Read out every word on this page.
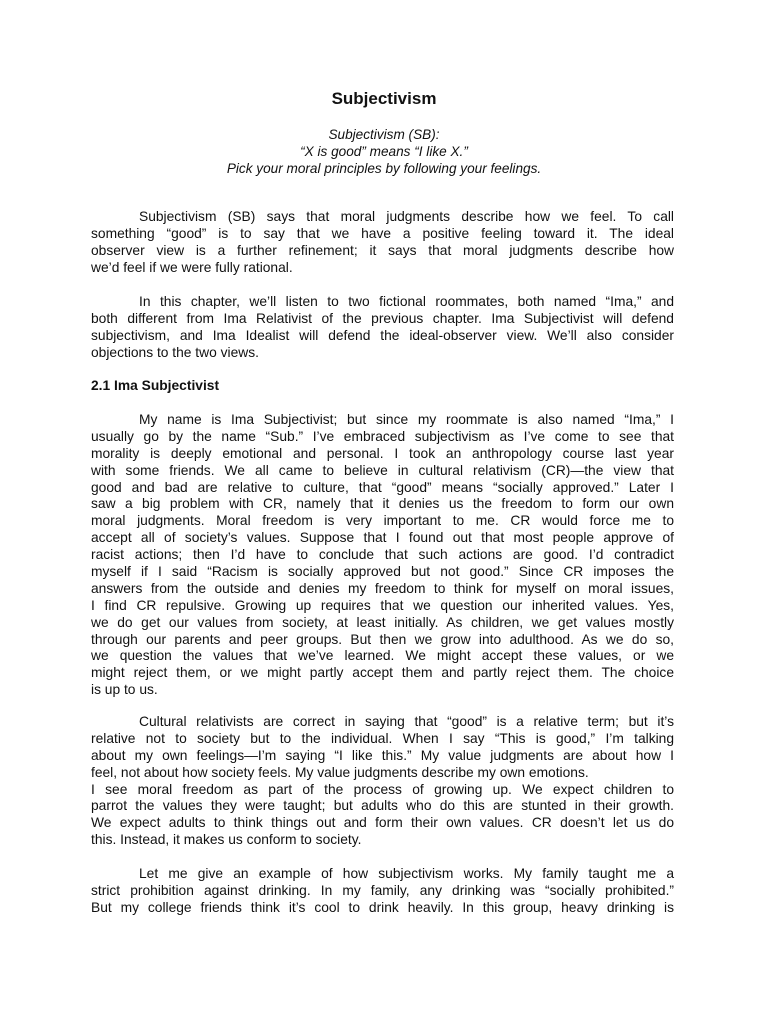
Subjectivism
Subjectivism (SB):
“X is good” means “I like X.”
Pick your moral principles by following your feelings.
Subjectivism (SB) says that moral judgments describe how we feel. To call
something “good” is to say that we have a positive feeling toward it. The ideal
observer view is a further refinement; it says that moral judgments describe how
we’d feel if we were fully rational.
In this chapter, we’ll listen to two fictional roommates, both named “Ima,” and
both different from Ima Relativist of the previous chapter. Ima Subjectivist will defend
subjectivism, and Ima Idealist will defend the ideal-observer view. We’ll also consider
objections to the two views.
2.1 Ima Subjectivist
My name is Ima Subjectivist; but since my roommate is also named “Ima,” I
usually go by the name “Sub.” I’ve embraced subjectivism as I’ve come to see that
morality is deeply emotional and personal. I took an anthropology course last year
with some friends. We all came to believe in cultural relativism (CR)—the view that
good and bad are relative to culture, that “good” means “socially approved.” Later I
saw a big problem with CR, namely that it denies us the freedom to form our own
moral judgments. Moral freedom is very important to me. CR would force me to
accept all of society’s values. Suppose that I found out that most people approve of
racist actions; then I’d have to conclude that such actions are good. I’d contradict
myself if I said “Racism is socially approved but not good.” Since CR imposes the
answers from the outside and denies my freedom to think for myself on moral issues,
I find CR repulsive. Growing up requires that we question our inherited values. Yes,
we do get our values from society, at least initially. As children, we get values mostly
through our parents and peer groups. But then we grow into adulthood. As we do so,
we question the values that we’ve learned. We might accept these values, or we
might reject them, or we might partly accept them and partly reject them. The choice
is up to us.
Cultural relativists are correct in saying that “good” is a relative term; but it’s
relative not to society but to the individual. When I say “This is good,” I’m talking
about my own feelings—I’m saying “I like this.” My value judgments are about how I
feel, not about how society feels. My value judgments describe my own emotions.
I see moral freedom as part of the process of growing up. We expect children to
parrot the values they were taught; but adults who do this are stunted in their growth.
We expect adults to think things out and form their own values. CR doesn’t let us do
this. Instead, it makes us conform to society.
Let me give an example of how subjectivism works. My family taught me a
strict prohibition against drinking. In my family, any drinking was “socially prohibited.”
But my college friends think it’s cool to drink heavily. In this group, heavy drinking is
